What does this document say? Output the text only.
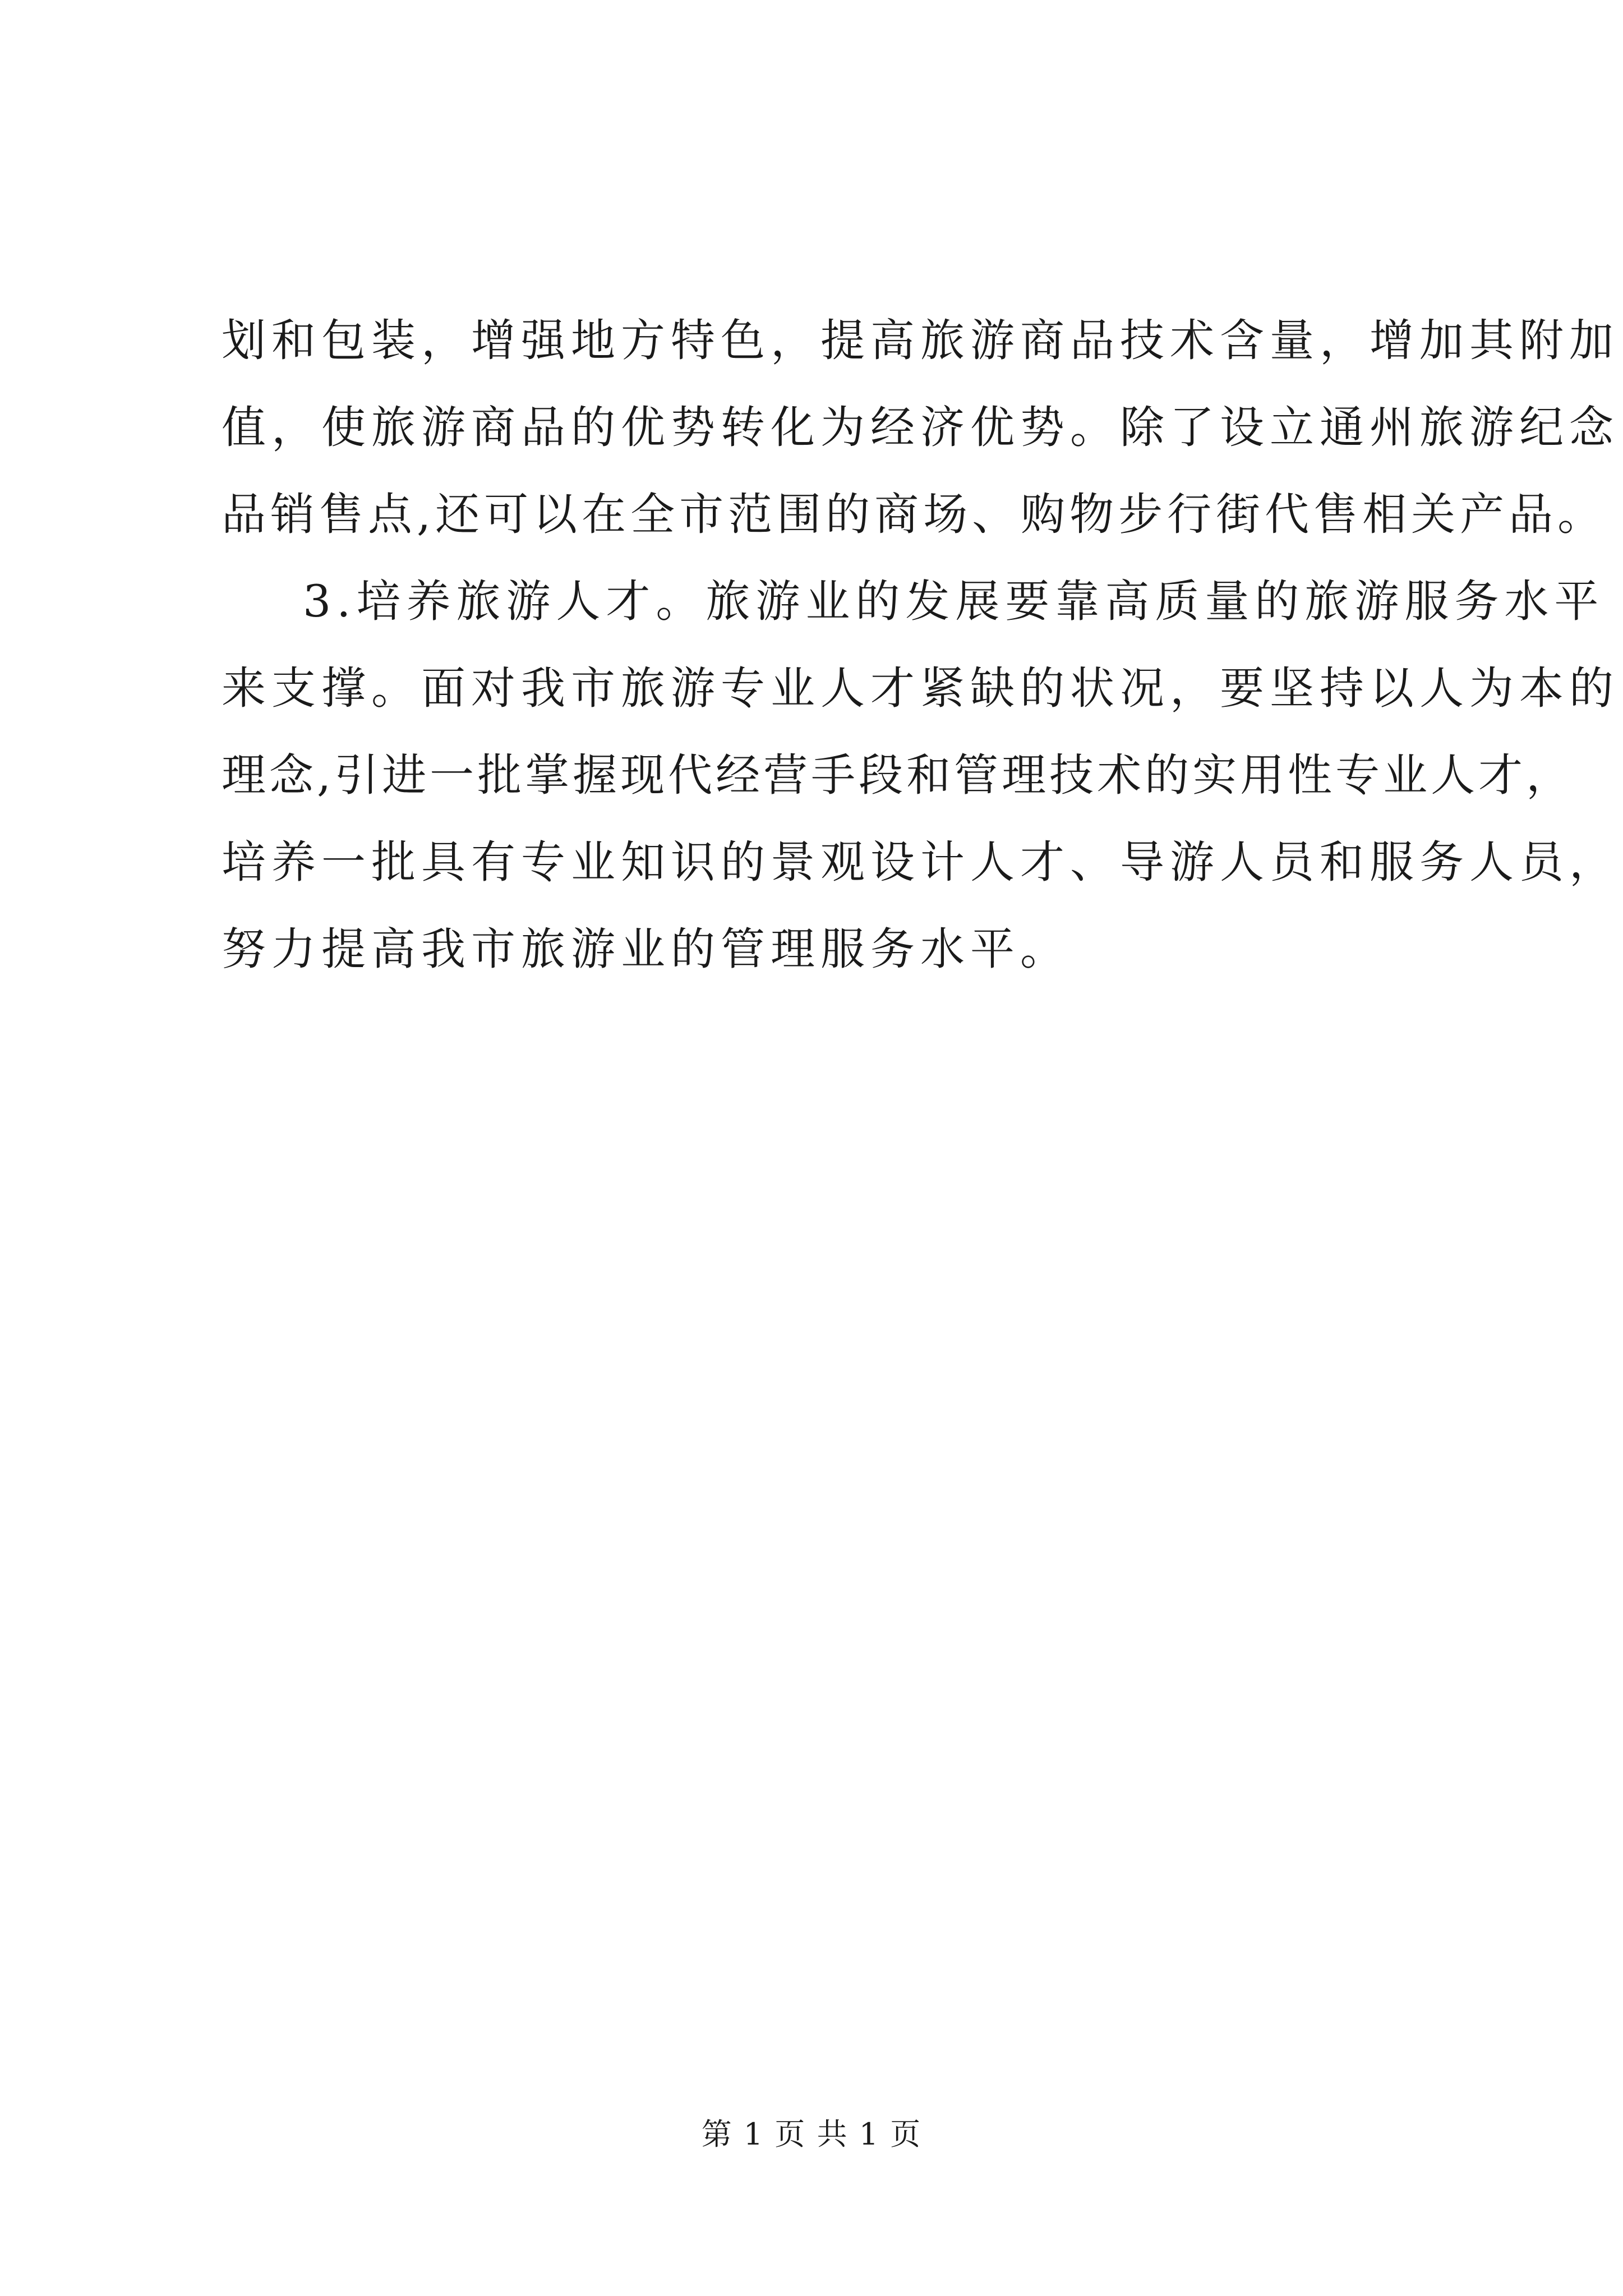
划和包装，增强地方特色，提高旅游商品技术含量，增加其附加
值，使旅游商品的优势转化为经济优势。除了设立通州旅游纪念
品销售点,还可以在全市范围的商场、购物步行街代售相关产品。
3.培养旅游人才。旅游业的发展要靠高质量的旅游服务水平
来支撑。面对我市旅游专业人才紧缺的状况，要坚持以人为本的
理念,引进一批掌握现代经营手段和管理技术的实用性专业人才，
培养一批具有专业知识的景观设计人才、导游人员和服务人员，
努力提高我市旅游业的管理服务水平。
第 1 页 共 1 页
